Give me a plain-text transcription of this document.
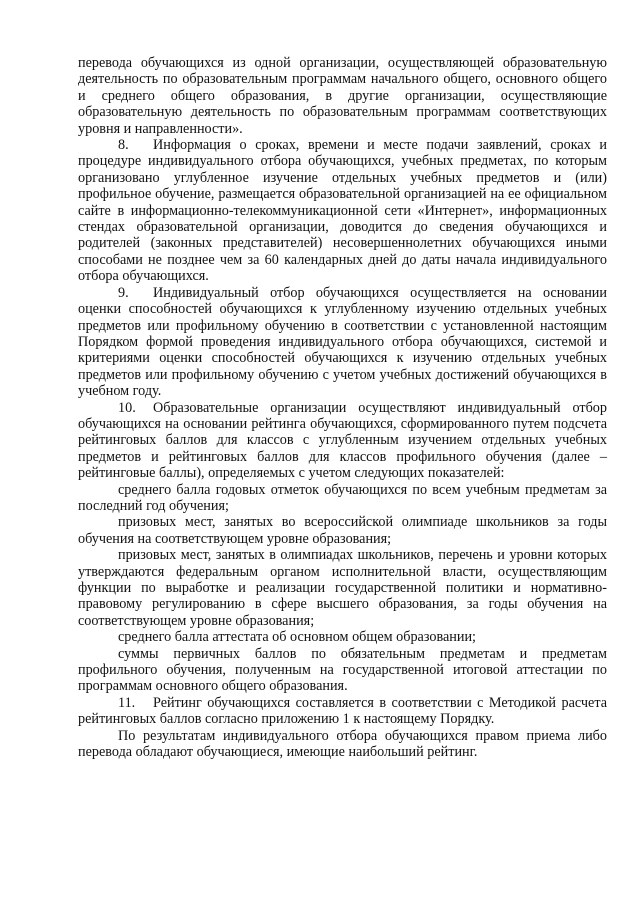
перевода обучающихся из одной организации, осуществляющей образовательную деятельность по образовательным программам начального общего, основного общего и среднего общего образования, в другие организации, осуществляющие образовательную деятельность по образовательным программам соответствующих уровня и направленности».

8. Информация о сроках, времени и месте подачи заявлений, сроках и процедуре индивидуального отбора обучающихся, учебных предметах, по которым организовано углубленное изучение отдельных учебных предметов и (или) профильное обучение, размещается образовательной организацией на ее официальном сайте в информационно-телекоммуникационной сети «Интернет», информационных стендах образовательной организации, доводится до сведения обучающихся и родителей (законных представителей) несовершеннолетних обучающихся иными способами не позднее чем за 60 календарных дней до даты начала индивидуального отбора обучающихся.

9. Индивидуальный отбор обучающихся осуществляется на основании оценки способностей обучающихся к углубленному изучению отдельных учебных предметов или профильному обучению в соответствии с установленной настоящим Порядком формой проведения индивидуального отбора обучающихся, системой и критериями оценки способностей обучающихся к изучению отдельных учебных предметов или профильному обучению с учетом учебных достижений обучающихся в учебном году.

10. Образовательные организации осуществляют индивидуальный отбор обучающихся на основании рейтинга обучающихся, сформированного путем подсчета рейтинговых баллов для классов с углубленным изучением отдельных учебных предметов и рейтинговых баллов для классов профильного обучения (далее – рейтинговые баллы), определяемых с учетом следующих показателей:

среднего балла годовых отметок обучающихся по всем учебным предметам за последний год обучения;

призовых мест, занятых во всероссийской олимпиаде школьников за годы обучения на соответствующем уровне образования;

призовых мест, занятых в олимпиадах школьников, перечень и уровни которых утверждаются федеральным органом исполнительной власти, осуществляющим функции по выработке и реализации государственной политики и нормативно-правовому регулированию в сфере высшего образования, за годы обучения на соответствующем уровне образования;

среднего балла аттестата об основном общем образовании;

суммы первичных баллов по обязательным предметам и предметам профильного обучения, полученным на государственной итоговой аттестации по программам основного общего образования.

11. Рейтинг обучающихся составляется в соответствии с Методикой расчета рейтинговых баллов согласно приложению 1 к настоящему Порядку.

По результатам индивидуального отбора обучающихся правом приема либо перевода обладают обучающиеся, имеющие наибольший рейтинг.
